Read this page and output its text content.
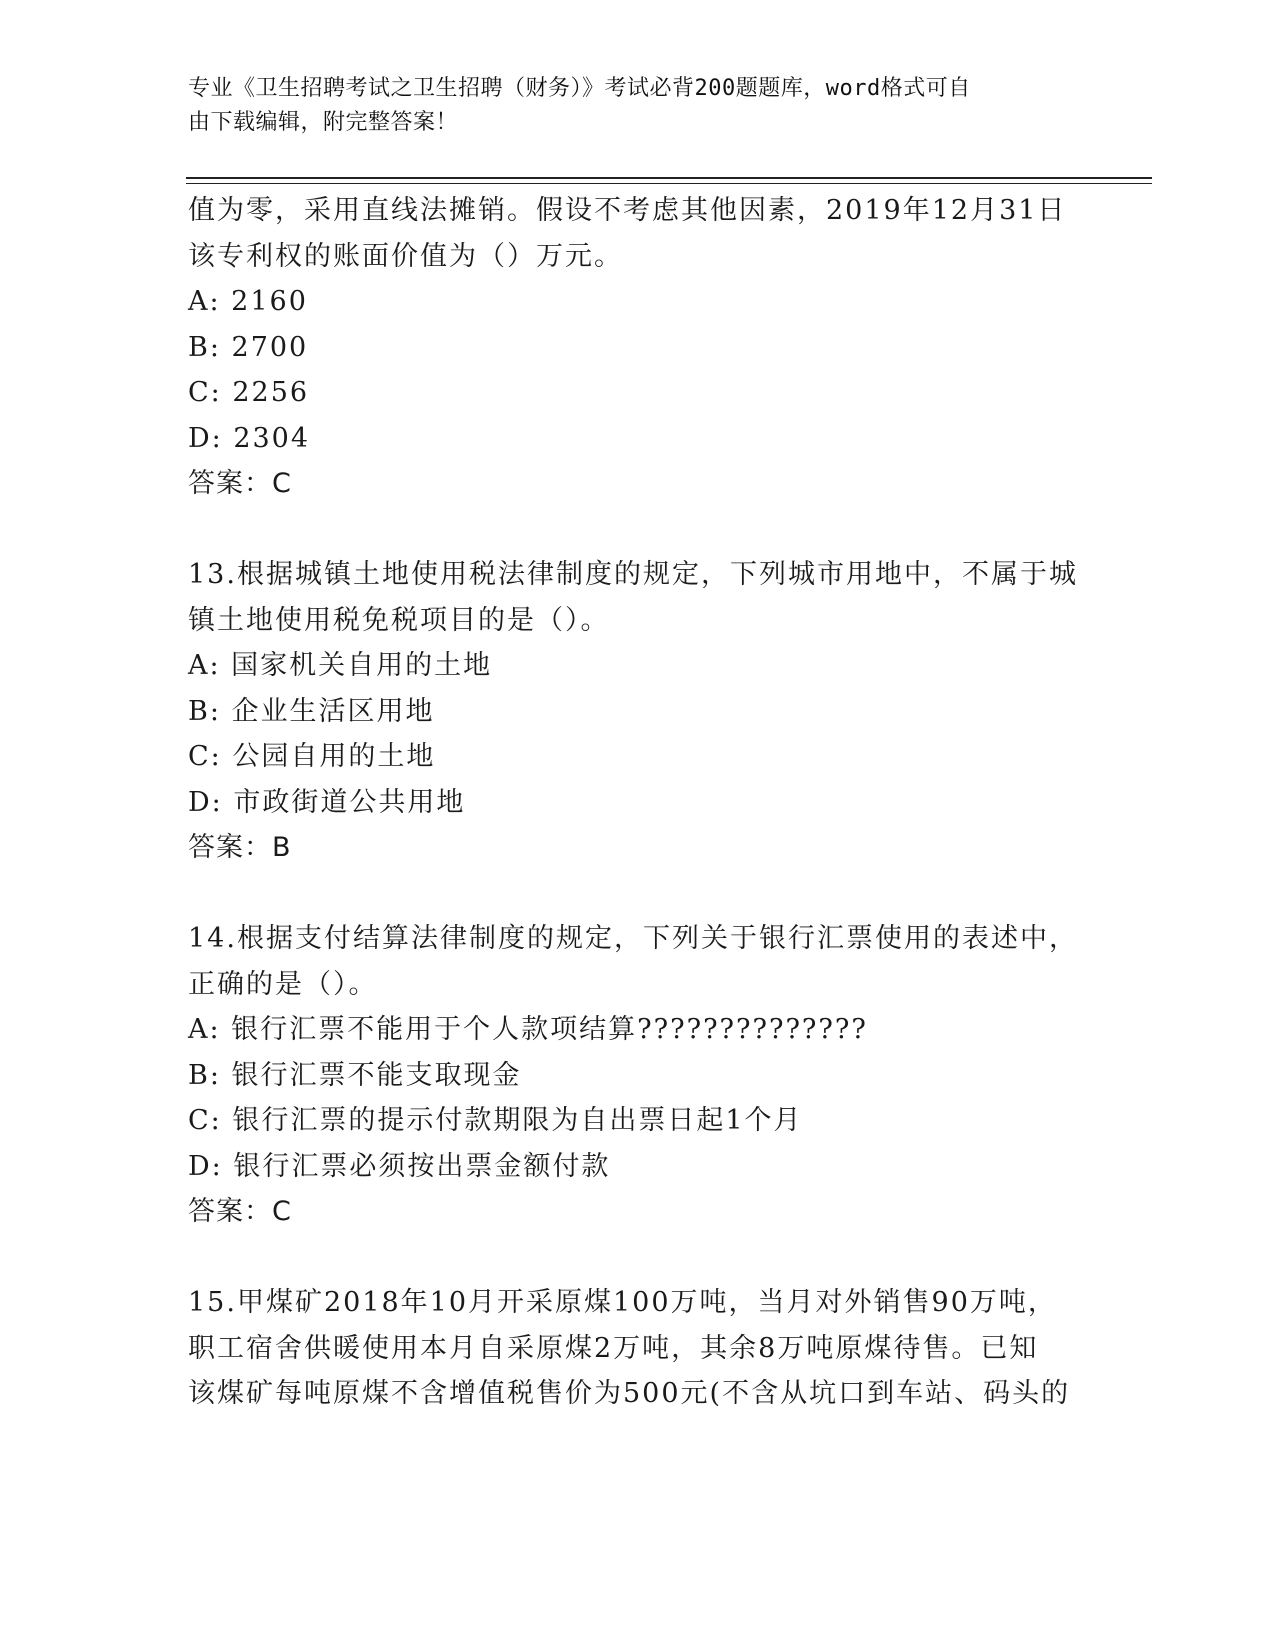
专业《卫生招聘考试之卫生招聘（财务）》考试必背200题题库，word格式可自
由下载编辑，附完整答案！
值为零，采用直线法摊销。假设不考虑其他因素，2019年12月31日
该专利权的账面价值为（）万元。
A: 2160
B: 2700
C: 2256
D: 2304
答案：C
13.根据城镇土地使用税法律制度的规定，下列城市用地中，不属于城
镇土地使用税免税项目的是（）。
A: 国家机关自用的土地
B: 企业生活区用地
C: 公园自用的土地
D: 市政街道公共用地
答案：B
14.根据支付结算法律制度的规定，下列关于银行汇票使用的表述中，
正确的是（）。
A: 银行汇票不能用于个人款项结算??????????????
B: 银行汇票不能支取现金
C: 银行汇票的提示付款期限为自出票日起1个月
D: 银行汇票必须按出票金额付款
答案：C
15.甲煤矿2018年10月开采原煤100万吨，当月对外销售90万吨，
职工宿舍供暖使用本月自采原煤2万吨，其余8万吨原煤待售。已知
该煤矿每吨原煤不含增值税售价为500元(不含从坑口到车站、码头的
